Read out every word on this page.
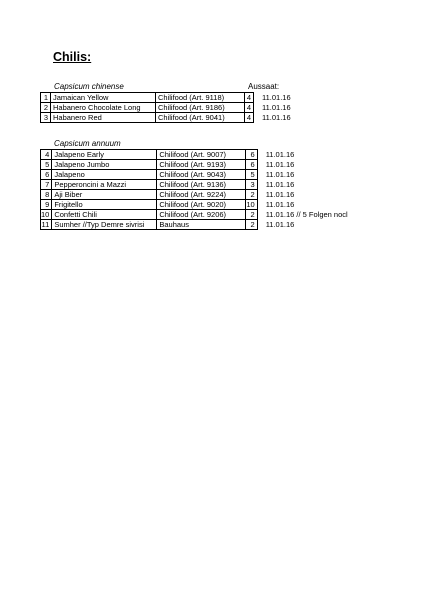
Chilis:
Aussaat:
Capsicum chinense
1	Jamaican Yellow	Chilifood (Art. 9118)	4	11.01.16
2	Habanero Chocolate Long	Chilifood (Art. 9186)	4	11.01.16
3	Habanero Red	Chilifood (Art. 9041)	4	11.01.16
Capsicum annuum
4	Jalapeno Early	Chilifood (Art. 9007)	6	11.01.16
5	Jalapeno Jumbo	Chilifood (Art. 9193)	6	11.01.16
6	Jalapeno	Chilifood (Art. 9043)	5	11.01.16
7	Pepperoncini a Mazzi	Chilifood (Art. 9136)	3	11.01.16
8	Aji Biber	Chilifood (Art. 9224)	2	11.01.16
9	Frigitello	Chilifood (Art. 9020)	10	11.01.16
10	Confetti Chili	Chilifood (Art. 9206)	2	11.01.16 // 5 Folgen nocl
11	Sumher //Typ Demre sivrisi	Bauhaus	2	11.01.16
